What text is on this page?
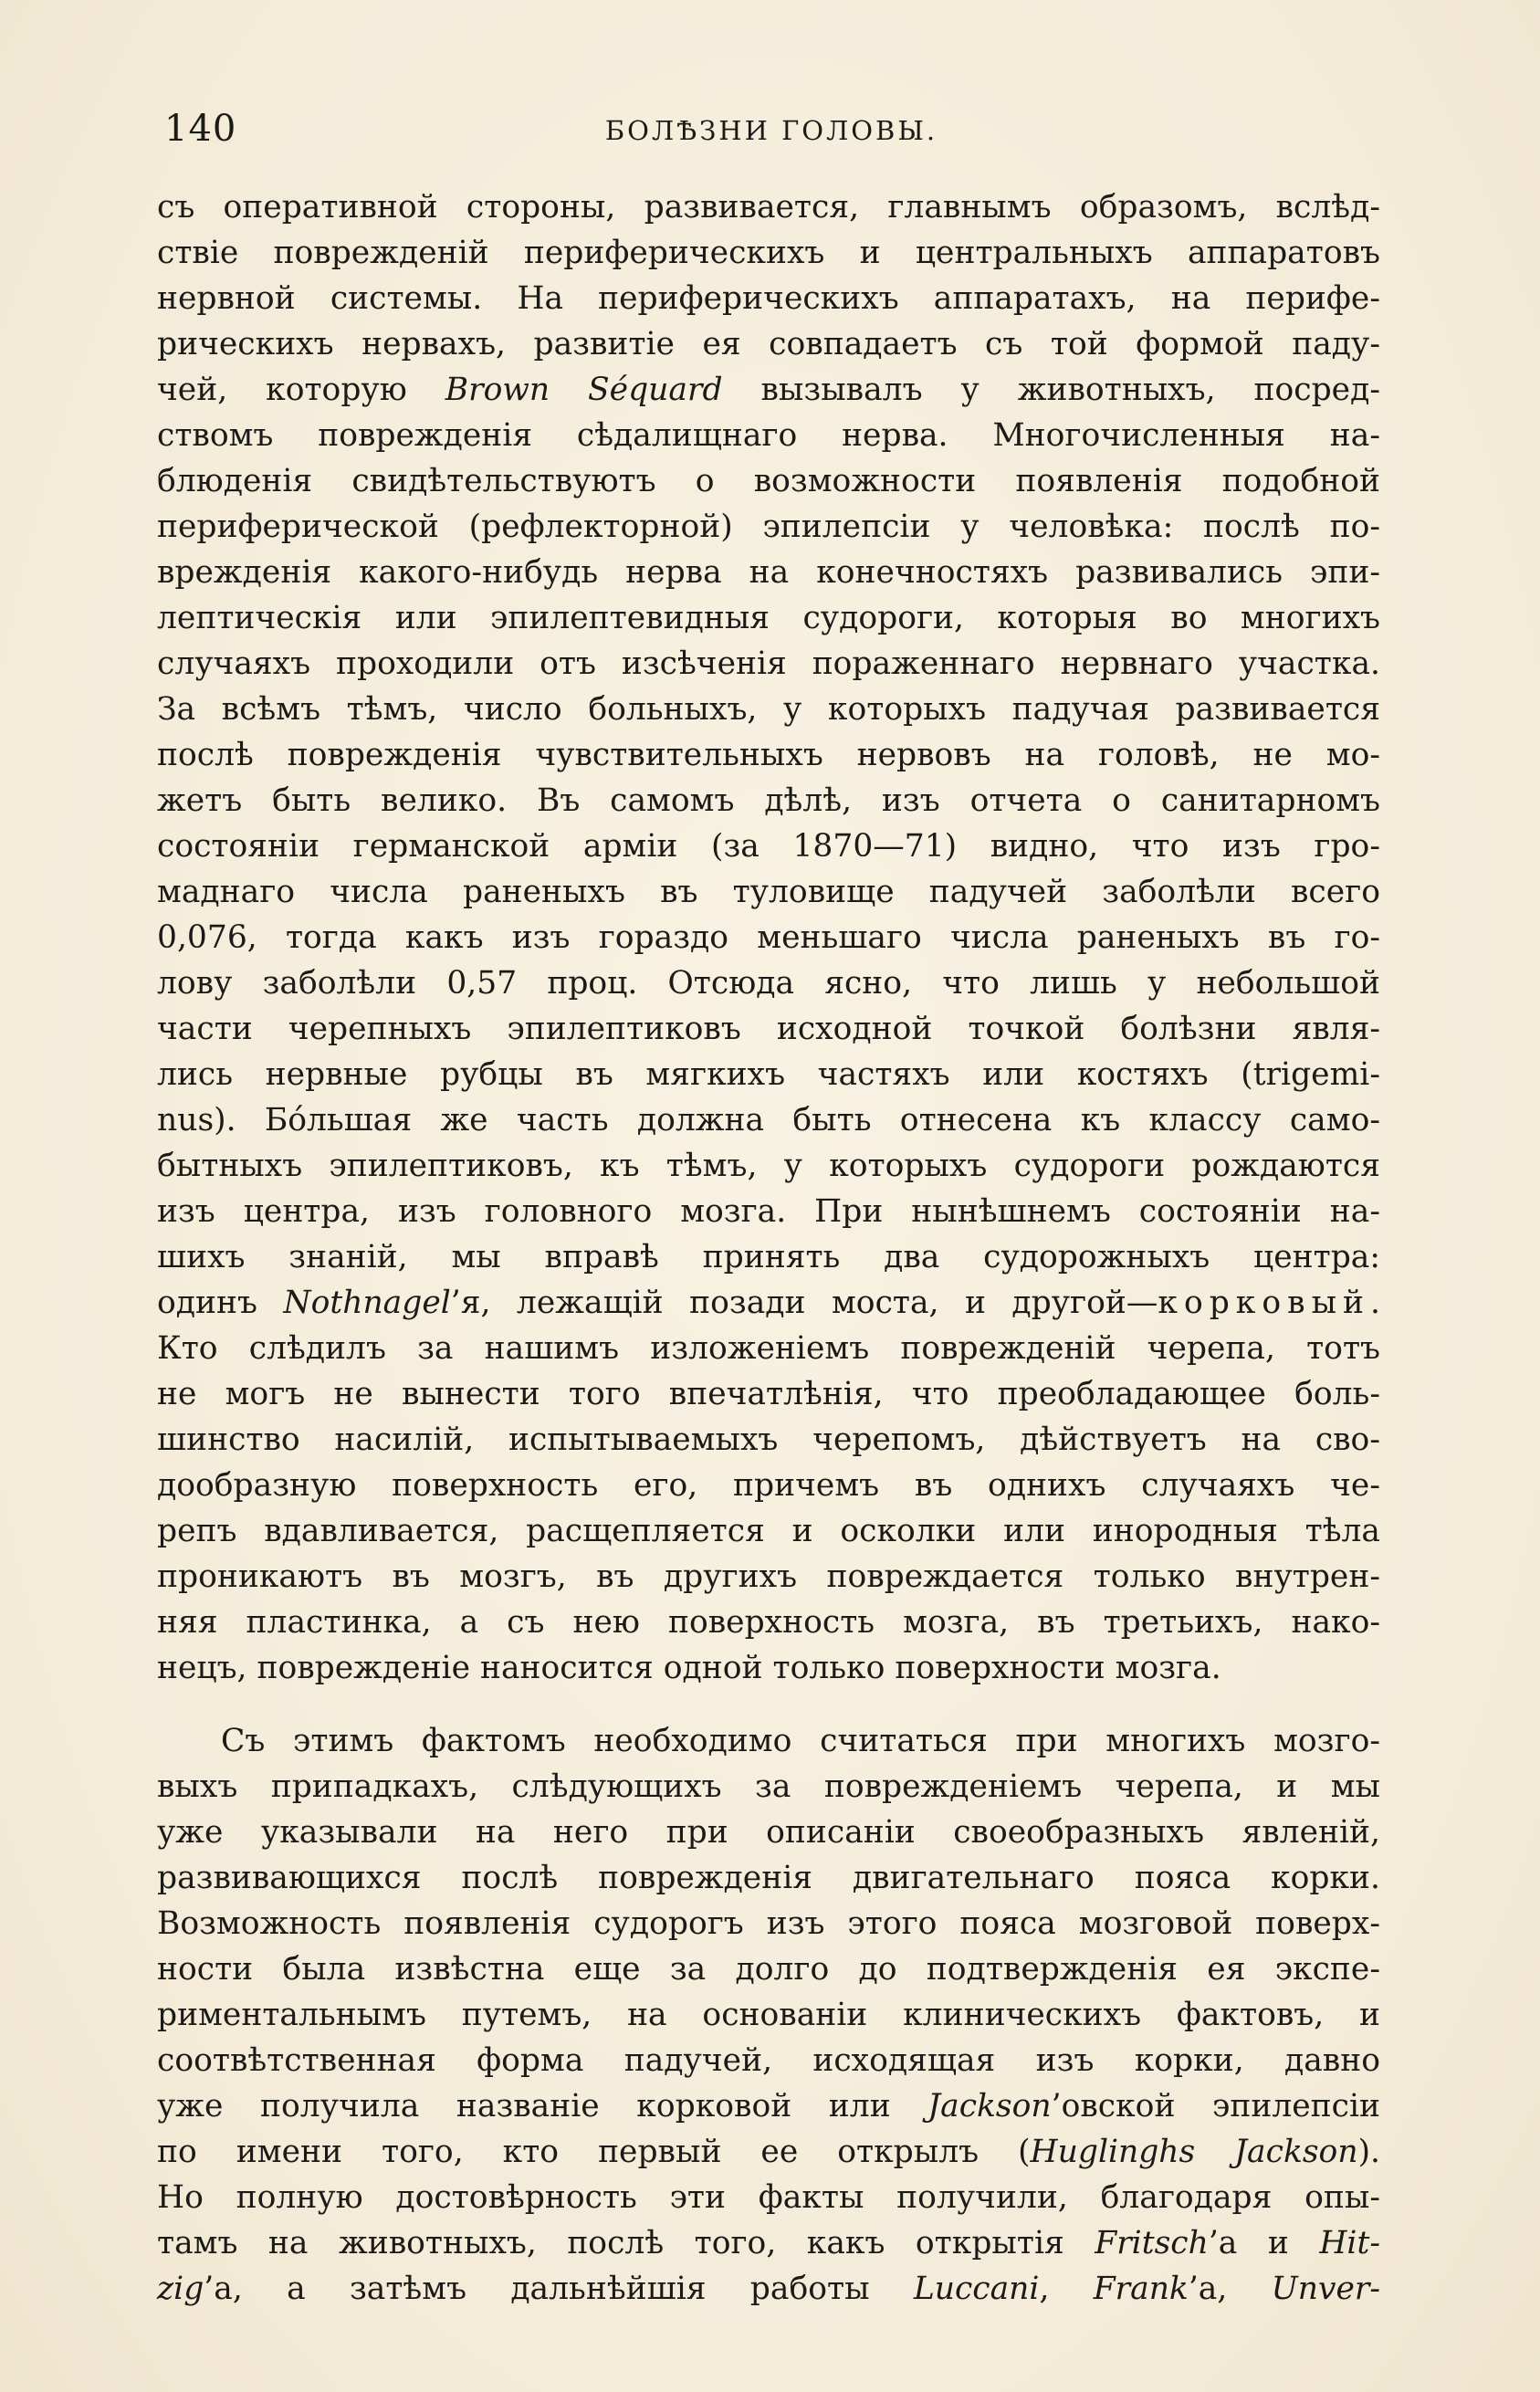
140	БОЛѢЗНИ ГОЛОВЫ.
съ оперативной стороны, развивается, главнымъ образомъ, вслѣд-
ствіе поврежденій периферическихъ и центральныхъ аппаратовъ
нервной системы. На периферическихъ аппаратахъ, на перифе-
рическихъ нервахъ, развитіе ея совпадаетъ съ той формой паду-
чей, которую Brown Séquard вызывалъ у животныхъ, посред-
ствомъ поврежденія сѣдалищнаго нерва. Многочисленныя на-
блюденія свидѣтельствуютъ о возможности появленія подобной
периферической (рефлекторной) эпилепсіи у человѣка: послѣ по-
врежденія какого-нибудь нерва на конечностяхъ развивались эпи-
лептическія или эпилептевидныя судороги, которыя во многихъ
случаяхъ проходили отъ изсѣченія пораженнаго нервнаго участка.
За всѣмъ тѣмъ, число больныхъ, у которыхъ падучая развивается
послѣ поврежденія чувствительныхъ нервовъ на головѣ, не мо-
жетъ быть велико. Въ самомъ дѣлѣ, изъ отчета о санитарномъ
состояніи германской арміи (за 1870—71) видно, что изъ гро-
маднаго числа раненыхъ въ туловище падучей заболѣли всего
0,076, тогда какъ изъ гораздо меньшаго числа раненыхъ въ го-
лову заболѣли 0,57 проц. Отсюда ясно, что лишь у небольшой
части черепныхъ эпилептиковъ исходной точкой болѣзни явля-
лись нервные рубцы въ мягкихъ частяхъ или костяхъ (trigemi-
nus). Бóльшая же часть должна быть отнесена къ классу само-
бытныхъ эпилептиковъ, къ тѣмъ, у которыхъ судороги рождаются
изъ центра, изъ головного мозга. При нынѣшнемъ состояніи на-
шихъ знаній, мы вправѣ принять два судорожныхъ центра:
одинъ Nothnagel’я, лежащій позади моста, и другой—корковый.
Кто слѣдилъ за нашимъ изложеніемъ поврежденій черепа, тотъ
не могъ не вынести того впечатлѣнія, что преобладающее боль-
шинство насилій, испытываемыхъ черепомъ, дѣйствуетъ на сво-
дообразную поверхность его, причемъ въ однихъ случаяхъ че-
репъ вдавливается, расщепляется и осколки или инородныя тѣла
проникаютъ въ мозгъ, въ другихъ повреждается только внутрен-
няя пластинка, а съ нею поверхность мозга, въ третьихъ, нако-
нецъ, поврежденіе наносится одной только поверхности мозга.
Съ этимъ фактомъ необходимо считаться при многихъ мозго-
выхъ припадкахъ, слѣдующихъ за поврежденіемъ черепа, и мы
уже указывали на него при описаніи своеобразныхъ явленій,
развивающихся послѣ поврежденія двигательнаго пояса корки.
Возможность появленія судорогъ изъ этого пояса мозговой поверх-
ности была извѣстна еще за долго до подтвержденія ея экспе-
риментальнымъ путемъ, на основаніи клиническихъ фактовъ, и
соотвѣтственная форма падучей, исходящая изъ корки, давно
уже получила названіе корковой или Jackson’овской эпилепсіи
по имени того, кто первый ее открылъ (Huglinghs Jackson).
Но полную достовѣрность эти факты получили, благодаря опы-
тамъ на животныхъ, послѣ того, какъ открытія Fritsch’а и Hit-
zig’а, а затѣмъ дальнѣйшія работы Luccani, Frank’а, Unver-
